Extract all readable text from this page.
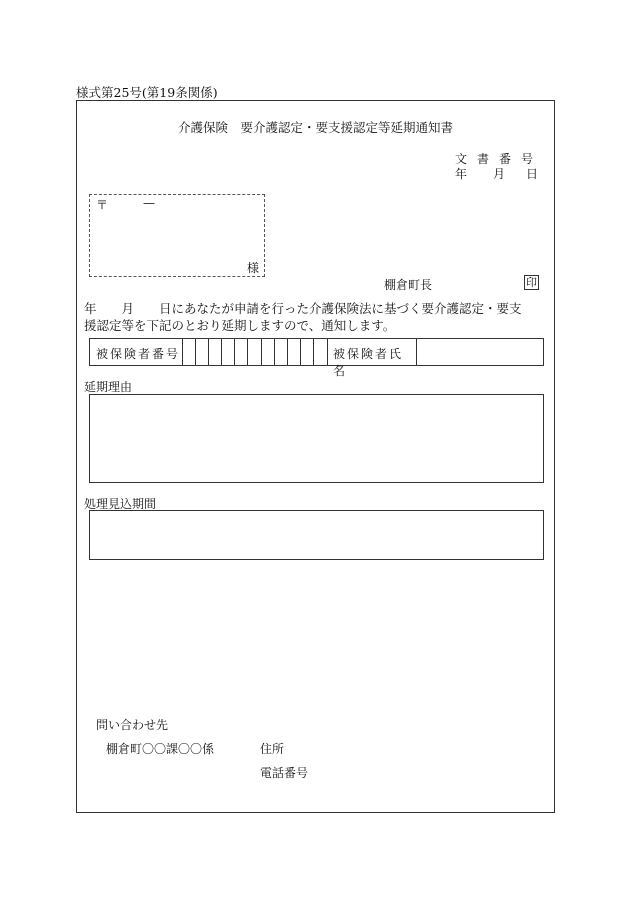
様式第25号(第19条関係)
介護保険　要介護認定・要支援認定等延期通知書
文書番号
年 月 日
〒	—
様
棚倉町長	印
年　　月　　日にあなたが申請を行った介護保険法に基づく要介護認定・要支
援認定等を下記のとおり延期しますので、通知します。
被保険者番号	被保険者氏名
延期理由
処理見込期間
問い合わせ先
棚倉町〇〇課〇〇係	住所
電話番号
